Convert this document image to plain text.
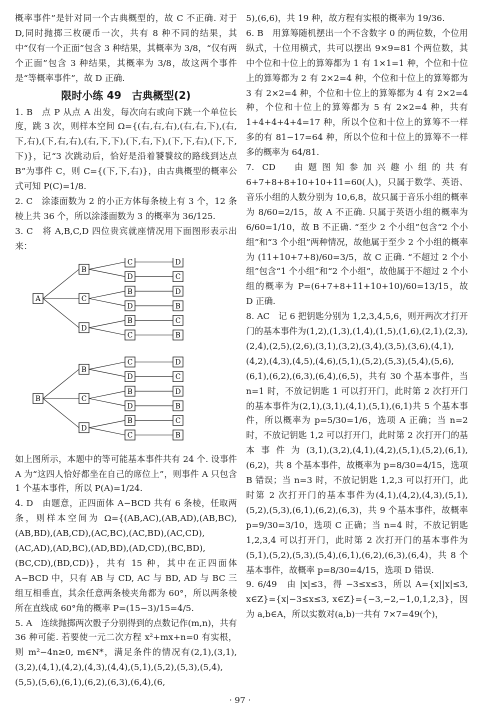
概率事件”是针对同一个古典概型的，故 C 不正确. 对于 D,同时抛掷三枚硬币一次，共有 8 种不同的结果，其中“仅有一个正面”包含 3 种结果，其概率为 3/8，“仅有两个正面”包含 3 种结果，其概率为 3/8，故这两个事件是“等概率事件”，故 D 正确.

限时小练 49　古典概型(2)

1. B　点 P 从点 A 出发，每次向右或向下跳一个单位长度，跳 3 次，则样本空间 Ω={(右,右,右),(右,右,下),(右,下,右),(下,右,右),(右,下,下),(下,右,下),(下,下,右),(下,下,下)}，记“3 次跳动后，恰好是沿着饕餮纹的路线到达点 B”为事件 C，则 C={(下,下,右)}，由古典概型的概率公式可知 P(C)=1/8.

2. C　涂漆面数为 2 的小正方体每条棱上有 3 个，12 条棱上共 36 个，所以涂漆面数为 3 的概率为 36/125.

3. C　将 A,B,C,D 四位贵宾就座情况用下面图形表示出来：

A
B
C
D
C
D
B
D
B
C
D
C
D
B
C
B
B
B
C
D
C
D
B
D
B
C
D
C
D
B
C
B

如上图所示，本题中的等可能基本事件共有 24 个. 设事件 A 为“这四人恰好都坐在自己的席位上”，则事件 A 只包含 1 个基本事件，所以 P(A)=1/24.

4. D　由题意，正四面体 A−BCD 共有 6 条棱，任取两条，则样本空间为 Ω={(AB,AC),(AB,AD),(AB,BC),(AB,BD),(AB,CD),(AC,BC),(AC,BD),(AC,CD),(AC,AD),(AD,BC),(AD,BD),(AD,CD),(BC,BD),(BC,CD),(BD,CD)}，共有 15 种，其中在正四面体 A−BCD 中，只有 AB 与 CD, AC 与 BD, AD 与 BC 三组互相垂直，其余任意两条棱夹角都为 60°，所以两条棱所在直线成 60°角的概率 P=(15−3)/15=4/5.

5. A　连续抛掷两次骰子分别得到的点数记作(m,n)，共有 36 种可能. 若要使一元二次方程 x²+mx+n=0 有实根，则 m²−4n≥0, m∈N*，满足条件的情况有(2,1),(3,1),(3,2),(4,1),(4,2),(4,3),(4,4),(5,1),(5,2),(5,3),(5,4),(5,5),(5,6),(6,1),(6,2),(6,3),(6,4),(6,

5),(6,6)，共 19 种，故方程有实根的概率为 19/36.

6. B　用算筹随机摆出一个不含数字 0 的两位数，个位用纵式，十位用横式，共可以摆出 9×9=81 个两位数，其中个位和十位上的算筹都为 1 有 1×1=1 种，个位和十位上的算筹都为 2 有 2×2=4 种，个位和十位上的算筹都为 3 有 2×2=4 种，个位和十位上的算筹都为 4 有 2×2=4 种，个位和十位上的算筹都为 5 有 2×2=4 种，共有 1+4+4+4+4=17 种，所以个位和十位上的算筹不一样多的有 81−17=64 种，所以个位和十位上的算筹不一样多的概率为 64/81.

7. CD　由题图知参加兴趣小组的共有 6+7+8+8+10+10+11=60(人)，只属于数学、英语、音乐小组的人数分别为 10,6,8，故只属于音乐小组的概率为 8/60=2/15，故 A 不正确. 只属于英语小组的概率为 6/60=1/10，故 B 不正确. “至少 2 个小组”包含“2 个小组”和“3 个小组”两种情况，故他属于至少 2 个小组的概率为 (11+10+7+8)/60=3/5，故 C 正确. “不超过 2 个小组”包含“1 个小组”和“2 个小组”，故他属于不超过 2 个小组的概率为 P=(6+7+8+11+10+10)/60=13/15，故 D 正确.

8. AC　记 6 把钥匙分别为 1,2,3,4,5,6，则开两次才打开门的基本事件为(1,2),(1,3),(1,4),(1,5),(1,6),(2,1),(2,3),(2,4),(2,5),(2,6),(3,1),(3,2),(3,4),(3,5),(3,6),(4,1),(4,2),(4,3),(4,5),(4,6),(5,1),(5,2),(5,3),(5,4),(5,6),(6,1),(6,2),(6,3),(6,4),(6,5)，共有 30 个基本事件，当 n=1 时，不放记钥匙 1 可以打开门，此时第 2 次打开门的基本事件为(2,1),(3,1),(4,1),(5,1),(6,1)共 5 个基本事件，所以概率为 p=5/30=1/6，选项 A 正确；当 n=2 时，不放记钥匙 1,2 可以打开门，此时第 2 次打开门的基本事件为(3,1),(3,2),(4,1),(4,2),(5,1),(5,2),(6,1),(6,2)，共 8 个基本事件，故概率为 p=8/30=4/15，选项 B 错误；当 n=3 时，不放记钥匙 1,2,3 可以打开门，此时第 2 次打开门的基本事件为(4,1),(4,2),(4,3),(5,1),(5,2),(5,3),(6,1),(6,2),(6,3)，共 9 个基本事件，故概率 p=9/30=3/10，选项 C 正确；当 n=4 时，不放记钥匙 1,2,3,4 可以打开门，此时第 2 次打开门的基本事件为(5,1),(5,2),(5,3),(5,4),(6,1),(6,2),(6,3),(6,4)，共 8 个基本事件，故概率 p=8/30=4/15，选项 D 错误.

9. 6/49　由 |x|≤3，得 −3≤x≤3，所以 A={x||x|≤3, x∈Z}={x|−3≤x≤3, x∈Z}={−3,−2,−1,0,1,2,3}，因为 a,b∈A，所以实数对(a,b)一共有 7×7=49(个)，

· 97 ·
